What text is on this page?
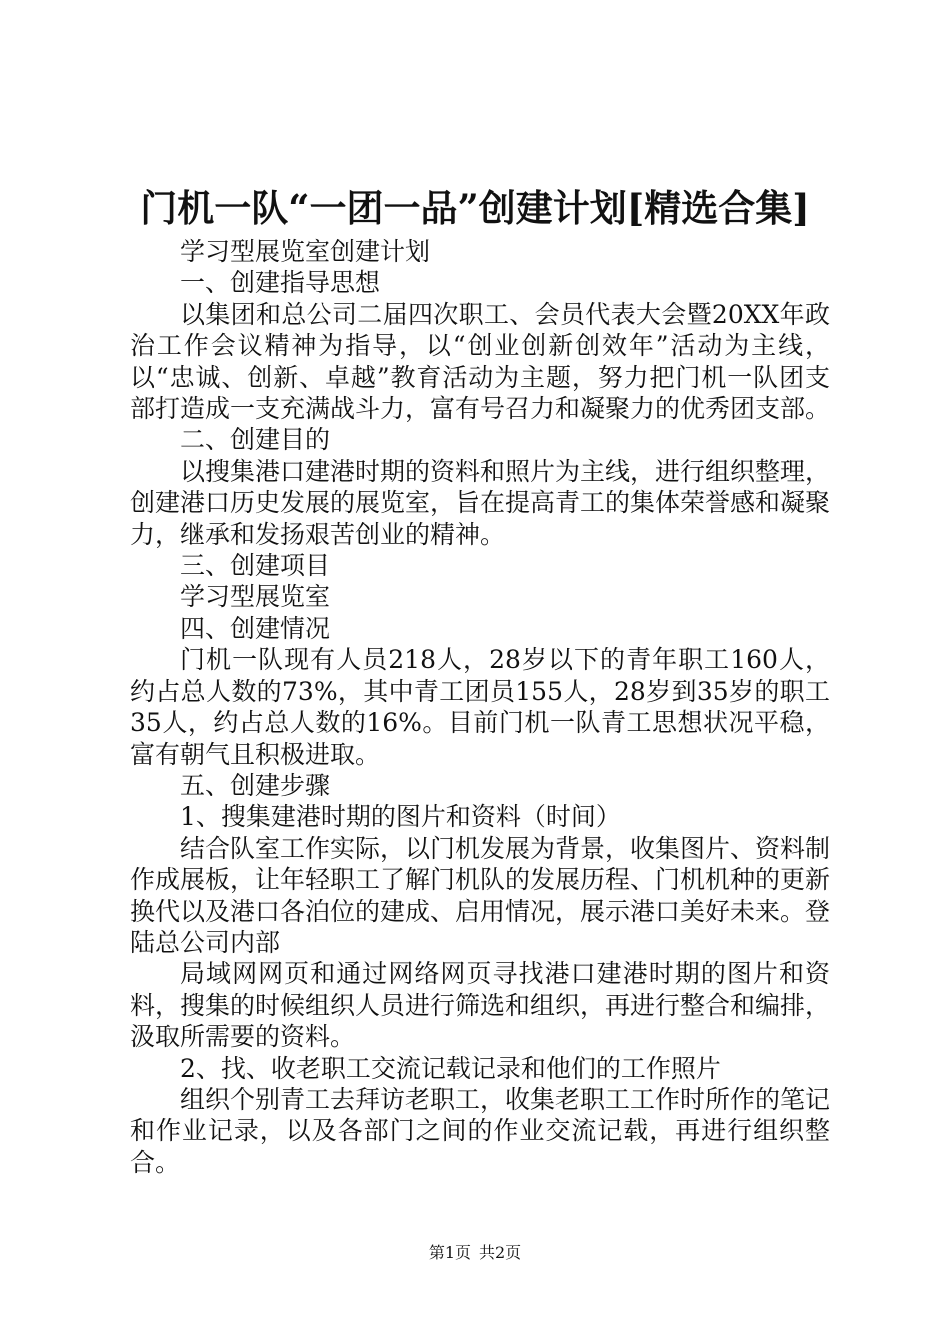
门机一队“一团一品”创建计划[精选合集]

学习型展览室创建计划

一、创建指导思想

以集团和总公司二届四次职工、会员代表大会暨20XX年政治工作会议精神为指导，以“创业创新创效年”活动为主线，以“忠诚、创新、卓越”教育活动为主题，努力把门机一队团支部打造成一支充满战斗力，富有号召力和凝聚力的优秀团支部。

二、创建目的

以搜集港口建港时期的资料和照片为主线，进行组织整理，创建港口历史发展的展览室，旨在提高青工的集体荣誉感和凝聚力，继承和发扬艰苦创业的精神。

三、创建项目

学习型展览室

四、创建情况

门机一队现有人员218人，28岁以下的青年职工160人，约占总人数的73%，其中青工团员155人，28岁到35岁的职工35人，约占总人数的16%。目前门机一队青工思想状况平稳，富有朝气且积极进取。

五、创建步骤

1、搜集建港时期的图片和资料（时间）

结合队室工作实际，以门机发展为背景，收集图片、资料制作成展板，让年轻职工了解门机队的发展历程、门机机种的更新换代以及港口各泊位的建成、启用情况，展示港口美好未来。登陆总公司内部

局域网网页和通过网络网页寻找港口建港时期的图片和资料，搜集的时候组织人员进行筛选和组织，再进行整合和编排，汲取所需要的资料。

2、找、收老职工交流记载记录和他们的工作照片

组织个别青工去拜访老职工，收集老职工工作时所作的笔记和作业记录，以及各部门之间的作业交流记载，再进行组织整合。

第1页 共2页
